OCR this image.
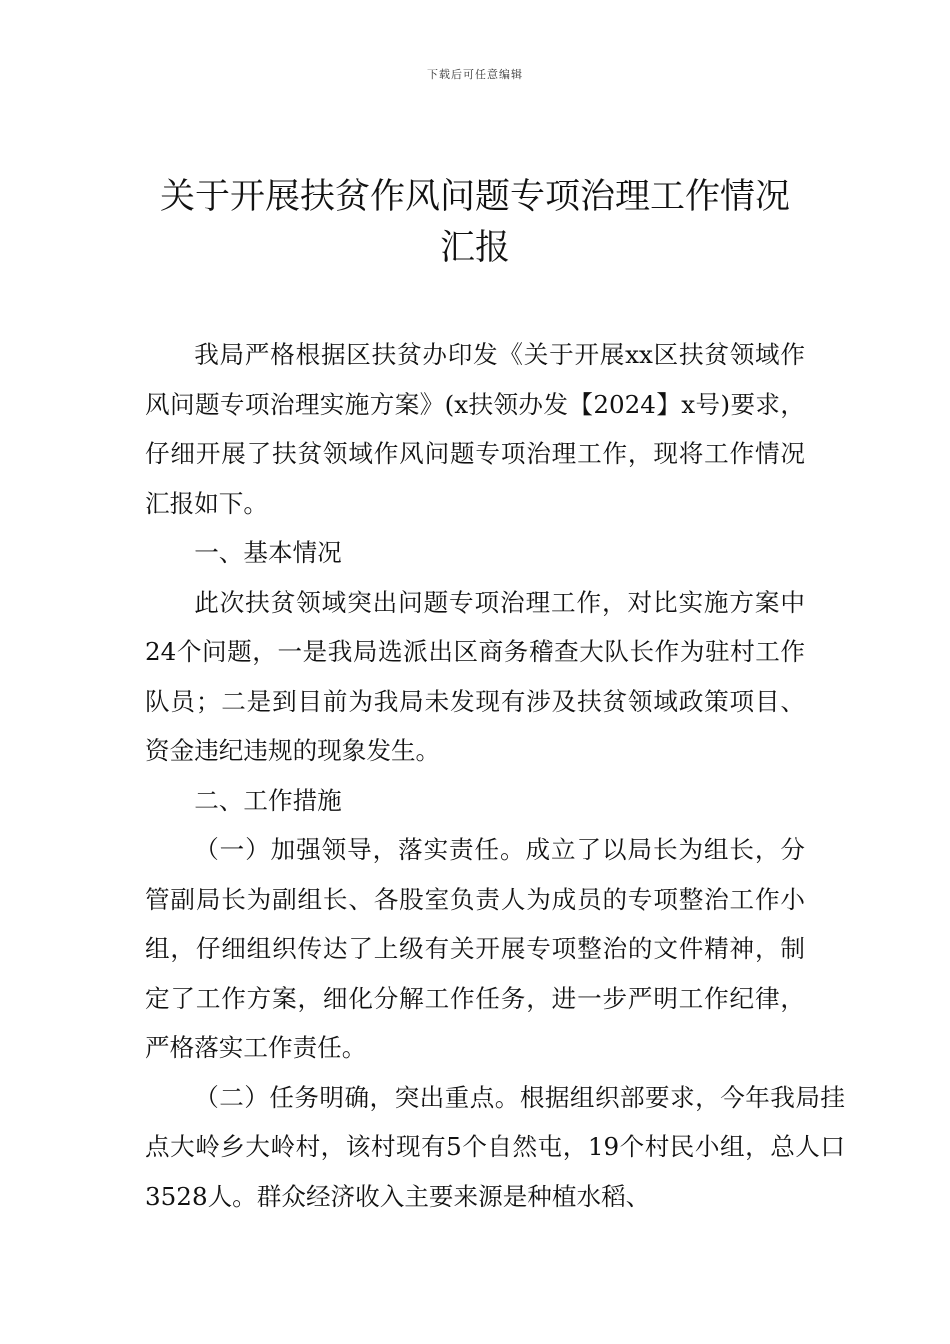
下载后可任意编辑
关于开展扶贫作风问题专项治理工作情况
汇报

我局严格根据区扶贫办印发《关于开展xx区扶贫领域作风问题专项治理实施方案》(x扶领办发【2024】x号)要求，仔细开展了扶贫领域作风问题专项治理工作，现将工作情况汇报如下。

一、基本情况

此次扶贫领域突出问题专项治理工作，对比实施方案中24个问题，一是我局选派出区商务稽查大队长作为驻村工作队员；二是到目前为我局未发现有涉及扶贫领域政策项目、资金违纪违规的现象发生。

二、工作措施

（一）加强领导，落实责任。成立了以局长为组长，分管副局长为副组长、各股室负责人为成员的专项整治工作小组，仔细组织传达了上级有关开展专项整治的文件精神，制定了工作方案，细化分解工作任务，进一步严明工作纪律，严格落实工作责任。

（二）任务明确，突出重点。根据组织部要求，今年我局挂点大岭乡大岭村，该村现有5个自然屯，19个村民小组，总人口3528人。群众经济收入主要来源是种植水稻、
